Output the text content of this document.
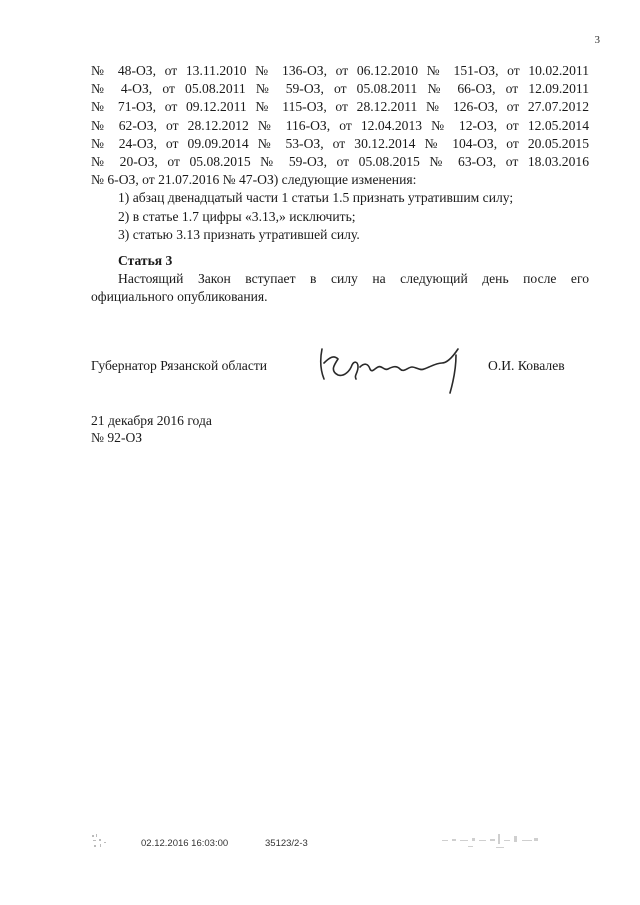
3
№ 48-ОЗ, от 13.11.2010 № 136-ОЗ, от 06.12.2010 № 151-ОЗ, от 10.02.2011
№ 4-ОЗ, от 05.08.2011 № 59-ОЗ, от 05.08.2011 № 66-ОЗ, от 12.09.2011
№ 71-ОЗ, от 09.12.2011 № 115-ОЗ, от 28.12.2011 № 126-ОЗ, от 27.07.2012
№ 62-ОЗ, от 28.12.2012 № 116-ОЗ, от 12.04.2013 № 12-ОЗ, от 12.05.2014
№ 24-ОЗ, от 09.09.2014 № 53-ОЗ, от 30.12.2014 № 104-ОЗ, от 20.05.2015
№ 20-ОЗ, от 05.08.2015 № 59-ОЗ, от 05.08.2015 № 63-ОЗ, от 18.03.2016
№ 6-ОЗ, от 21.07.2016 № 47-ОЗ) следующие изменения:
1) абзац двенадцатый части 1 статьи 1.5 признать утратившим силу;
2) в статье 1.7 цифры «3.13,» исключить;
3) статью 3.13 признать утратившей силу.
Статья 3
Настоящий Закон вступает в силу на следующий день после его
официального опубликования.
Губернатор Рязанской области	О.И. Ковалев
21 декабря 2016 года
№ 92-ОЗ
02.12.2016 16:03:00	35123/2-3
